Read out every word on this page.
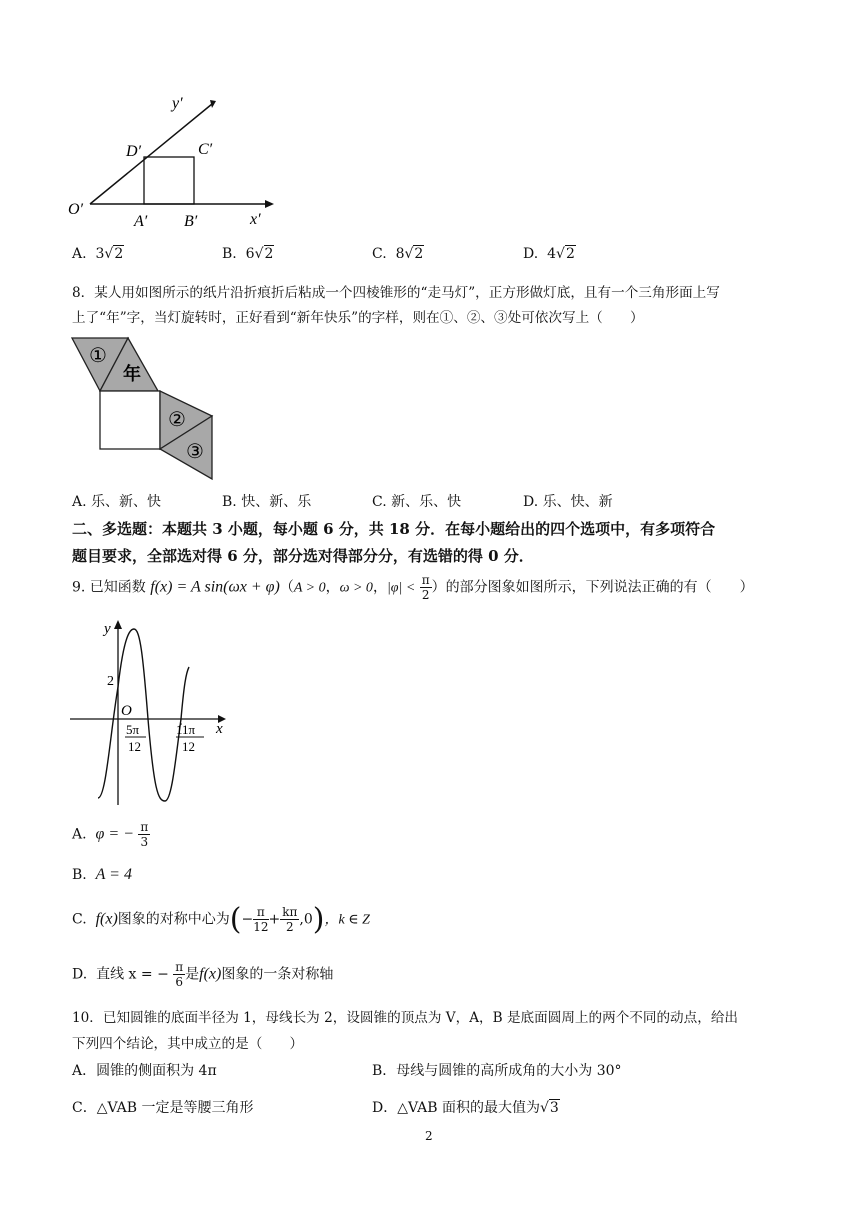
y′
D′	C′
O′
A′ B′	x′
A. 3√2	B. 6√2	C. 8√2	D. 4√2
8．某人用如图所示的纸片沿折痕折后粘成一个四棱锥形的“走马灯”，正方形做灯底，且有一个三角形面上写
上了“年”字，当灯旋转时，正好看到“新年快乐”的字样，则在①、②、③处可依次写上（　　）
①
年
②
③
A. 乐、新、快	B. 快、新、乐	C. 新、乐、快	D. 乐、快、新
二、多选题：本题共 3 小题，每小题 6 分，共 18 分．在每小题给出的四个选项中，有多项符合
题目要求，全部选对得 6 分，部分选对得部分分，有选错的得 0 分．
9. 已知函数 f(x) = A sin(ωx + φ)（A > 0，ω > 0，$|\varphi| < \frac{\pi}{2}$ ）的部分图象如图所示，下列说法正确的有（　　）
y
2
O
x
5π
12
11π
12
A. φ = − $\frac{\pi}{3}$
B. A = 4
C. f(x)图象的对称中心为(− $\frac{\pi}{12} + \frac{k\pi}{2} ,0$)，k ∈ Z
D. 直线 x = − $\frac{\pi}{6}$ 是f(x)图象的一条对称轴
10．已知圆锥的底面半径为 1，母线长为 2，设圆锥的顶点为 V，A，B 是底面圆周上的两个不同的动点，给出
下列四个结论，其中成立的是（　　）
A．圆锥的侧面积为 4π	B．母线与圆锥的高所成角的大小为 30°
C．△VAB 一定是等腰三角形	D．△VAB 面积的最大值为√3
2
